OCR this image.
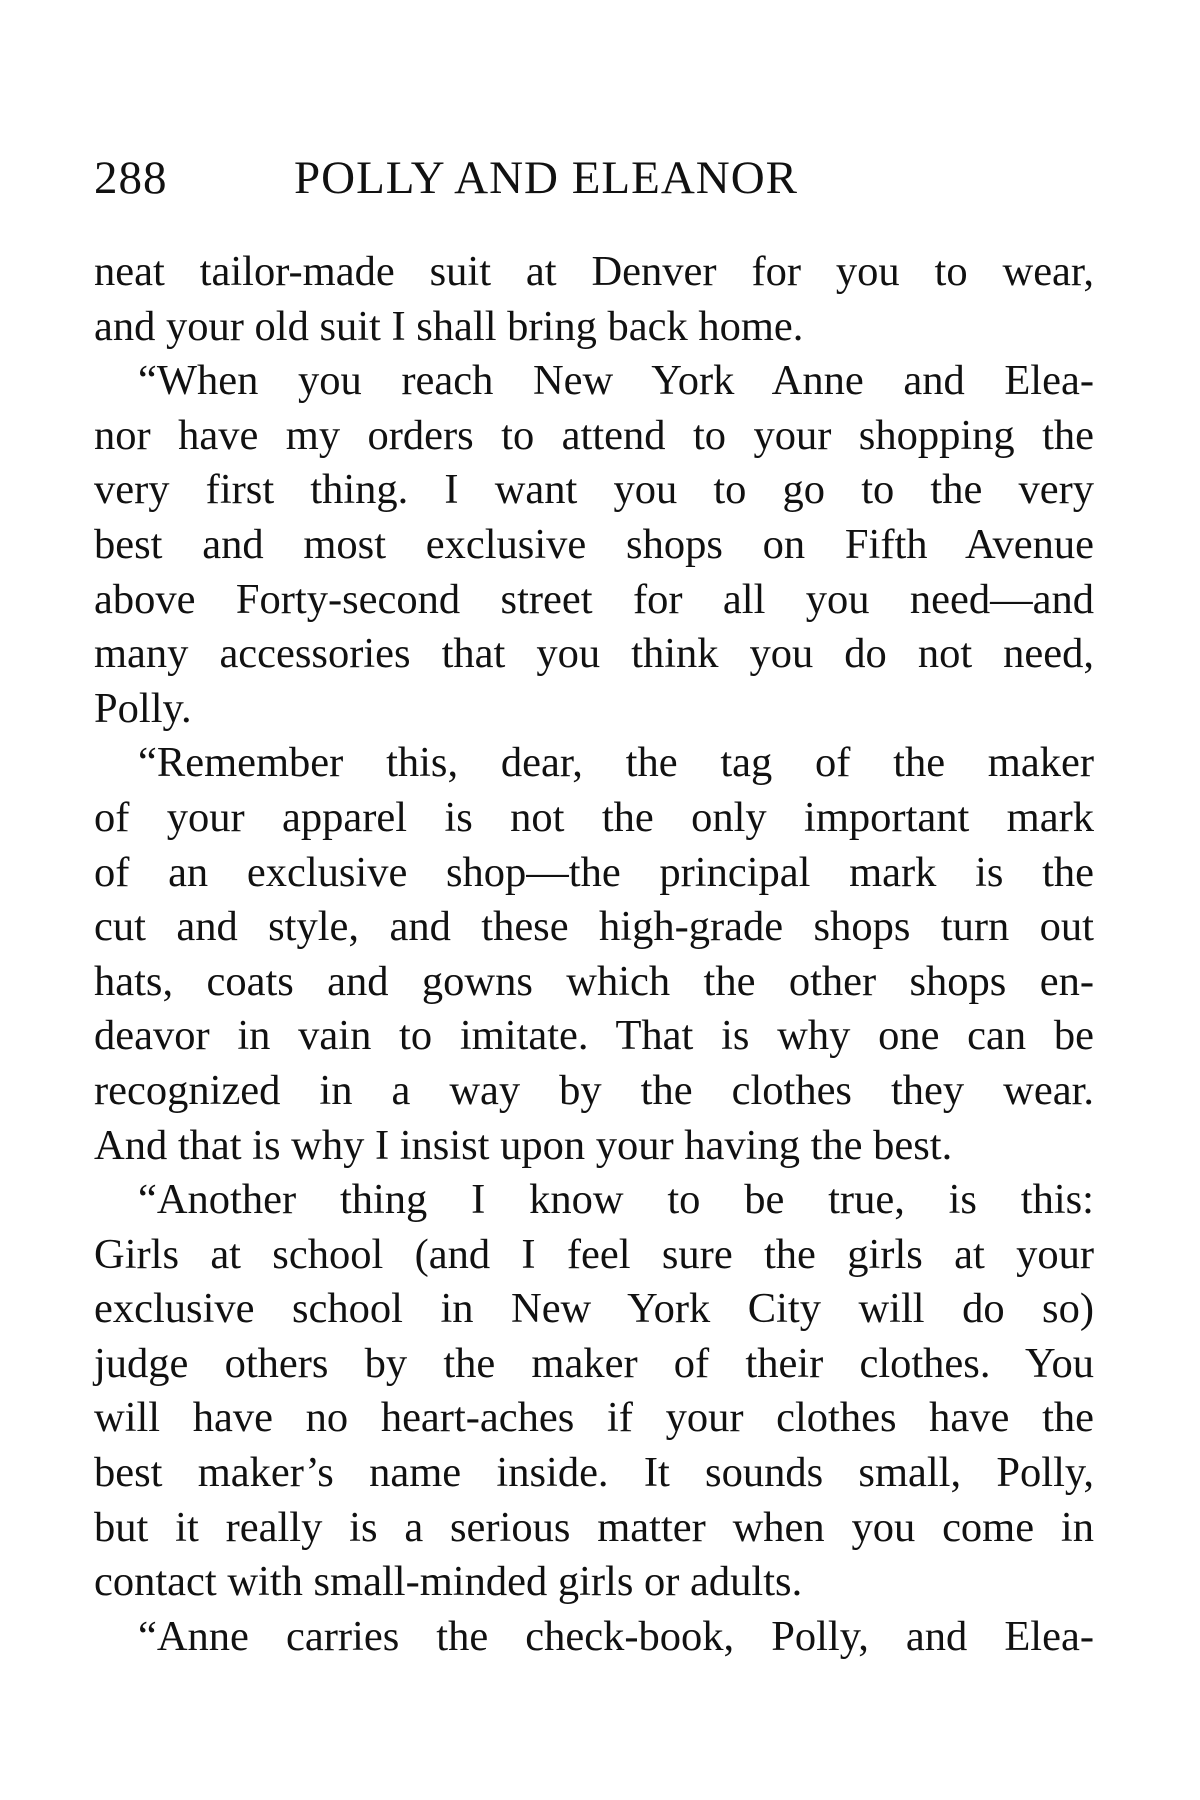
288	POLLY AND ELEANOR
neat tailor-made suit at Denver for you to wear,
and your old suit I shall bring back home.
“When you reach New York Anne and Elea-
nor have my orders to attend to your shopping the
very first thing. I want you to go to the very
best and most exclusive shops on Fifth Avenue
above Forty-second street for all you need—and
many accessories that you think you do not need,
Polly.
“Remember this, dear, the tag of the maker
of your apparel is not the only important mark
of an exclusive shop—the principal mark is the
cut and style, and these high-grade shops turn out
hats, coats and gowns which the other shops en-
deavor in vain to imitate. That is why one can be
recognized in a way by the clothes they wear.
And that is why I insist upon your having the best.
“Another thing I know to be true, is this:
Girls at school (and I feel sure the girls at your
exclusive school in New York City will do so)
judge others by the maker of their clothes. You
will have no heart-aches if your clothes have the
best maker’s name inside. It sounds small, Polly,
but it really is a serious matter when you come in
contact with small-minded girls or adults.
“Anne carries the check-book, Polly, and Elea-
